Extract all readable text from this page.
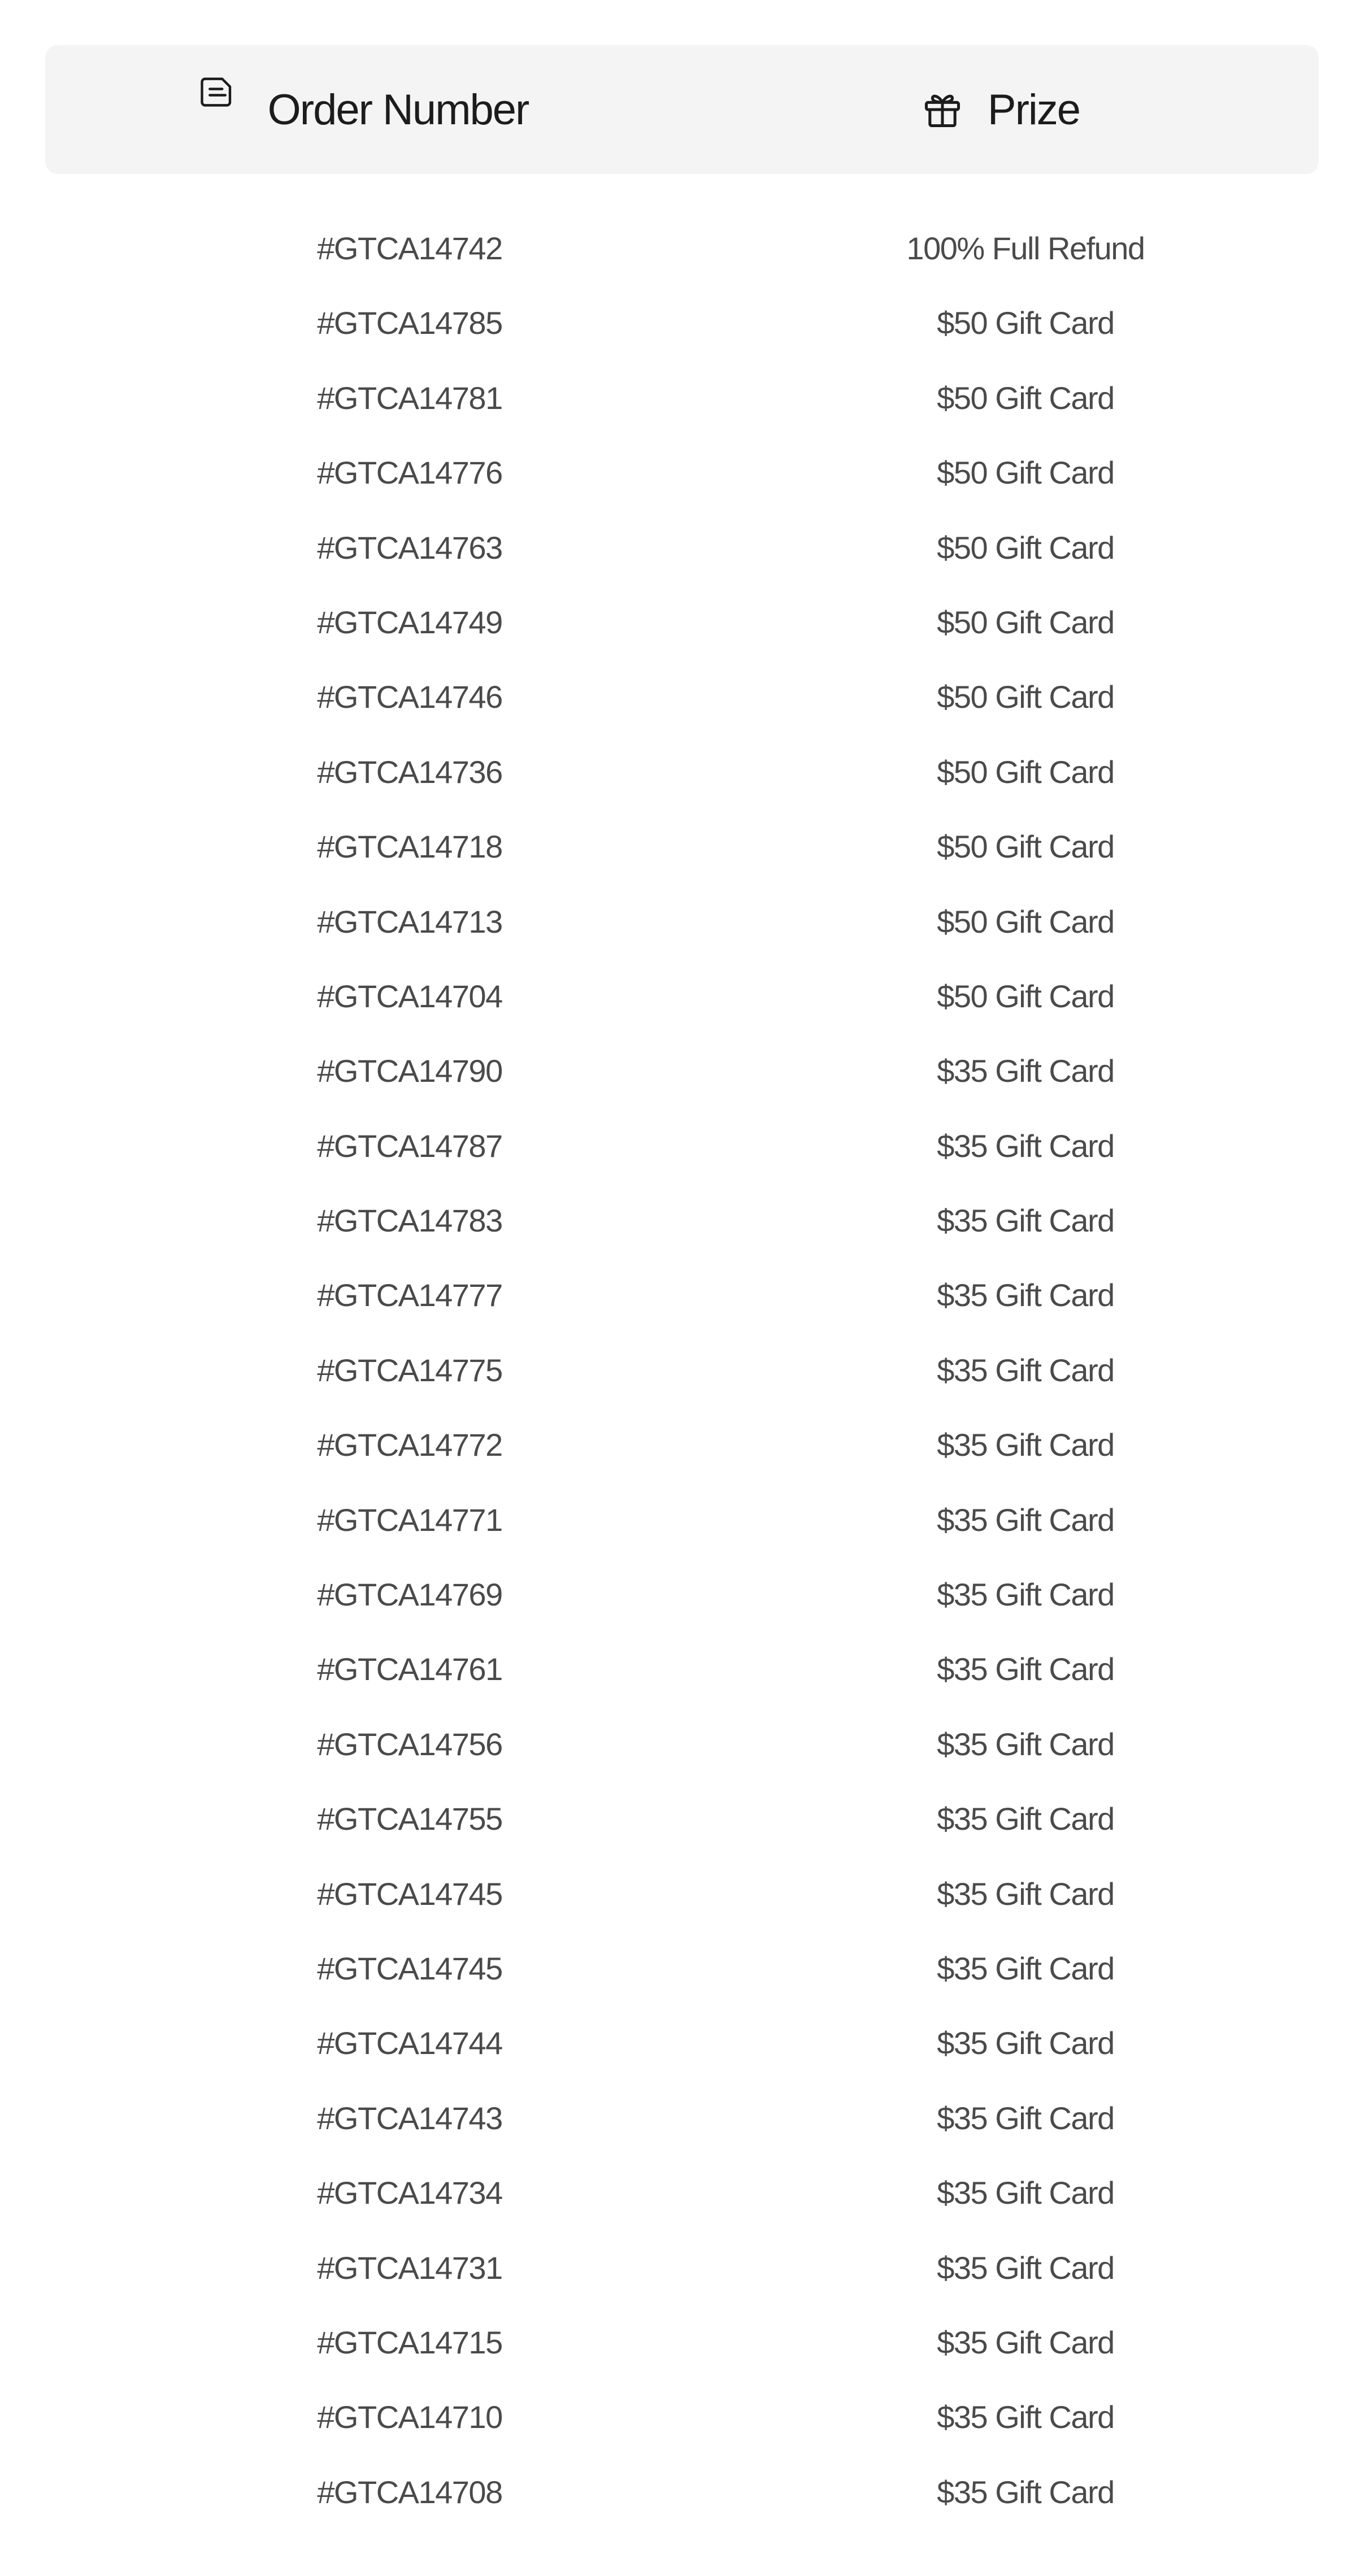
Order Number	Prize
#GTCA14742	100% Full Refund
#GTCA14785	$50 Gift Card
#GTCA14781	$50 Gift Card
#GTCA14776	$50 Gift Card
#GTCA14763	$50 Gift Card
#GTCA14749	$50 Gift Card
#GTCA14746	$50 Gift Card
#GTCA14736	$50 Gift Card
#GTCA14718	$50 Gift Card
#GTCA14713	$50 Gift Card
#GTCA14704	$50 Gift Card
#GTCA14790	$35 Gift Card
#GTCA14787	$35 Gift Card
#GTCA14783	$35 Gift Card
#GTCA14777	$35 Gift Card
#GTCA14775	$35 Gift Card
#GTCA14772	$35 Gift Card
#GTCA14771	$35 Gift Card
#GTCA14769	$35 Gift Card
#GTCA14761	$35 Gift Card
#GTCA14756	$35 Gift Card
#GTCA14755	$35 Gift Card
#GTCA14745	$35 Gift Card
#GTCA14745	$35 Gift Card
#GTCA14744	$35 Gift Card
#GTCA14743	$35 Gift Card
#GTCA14734	$35 Gift Card
#GTCA14731	$35 Gift Card
#GTCA14715	$35 Gift Card
#GTCA14710	$35 Gift Card
#GTCA14708	$35 Gift Card
